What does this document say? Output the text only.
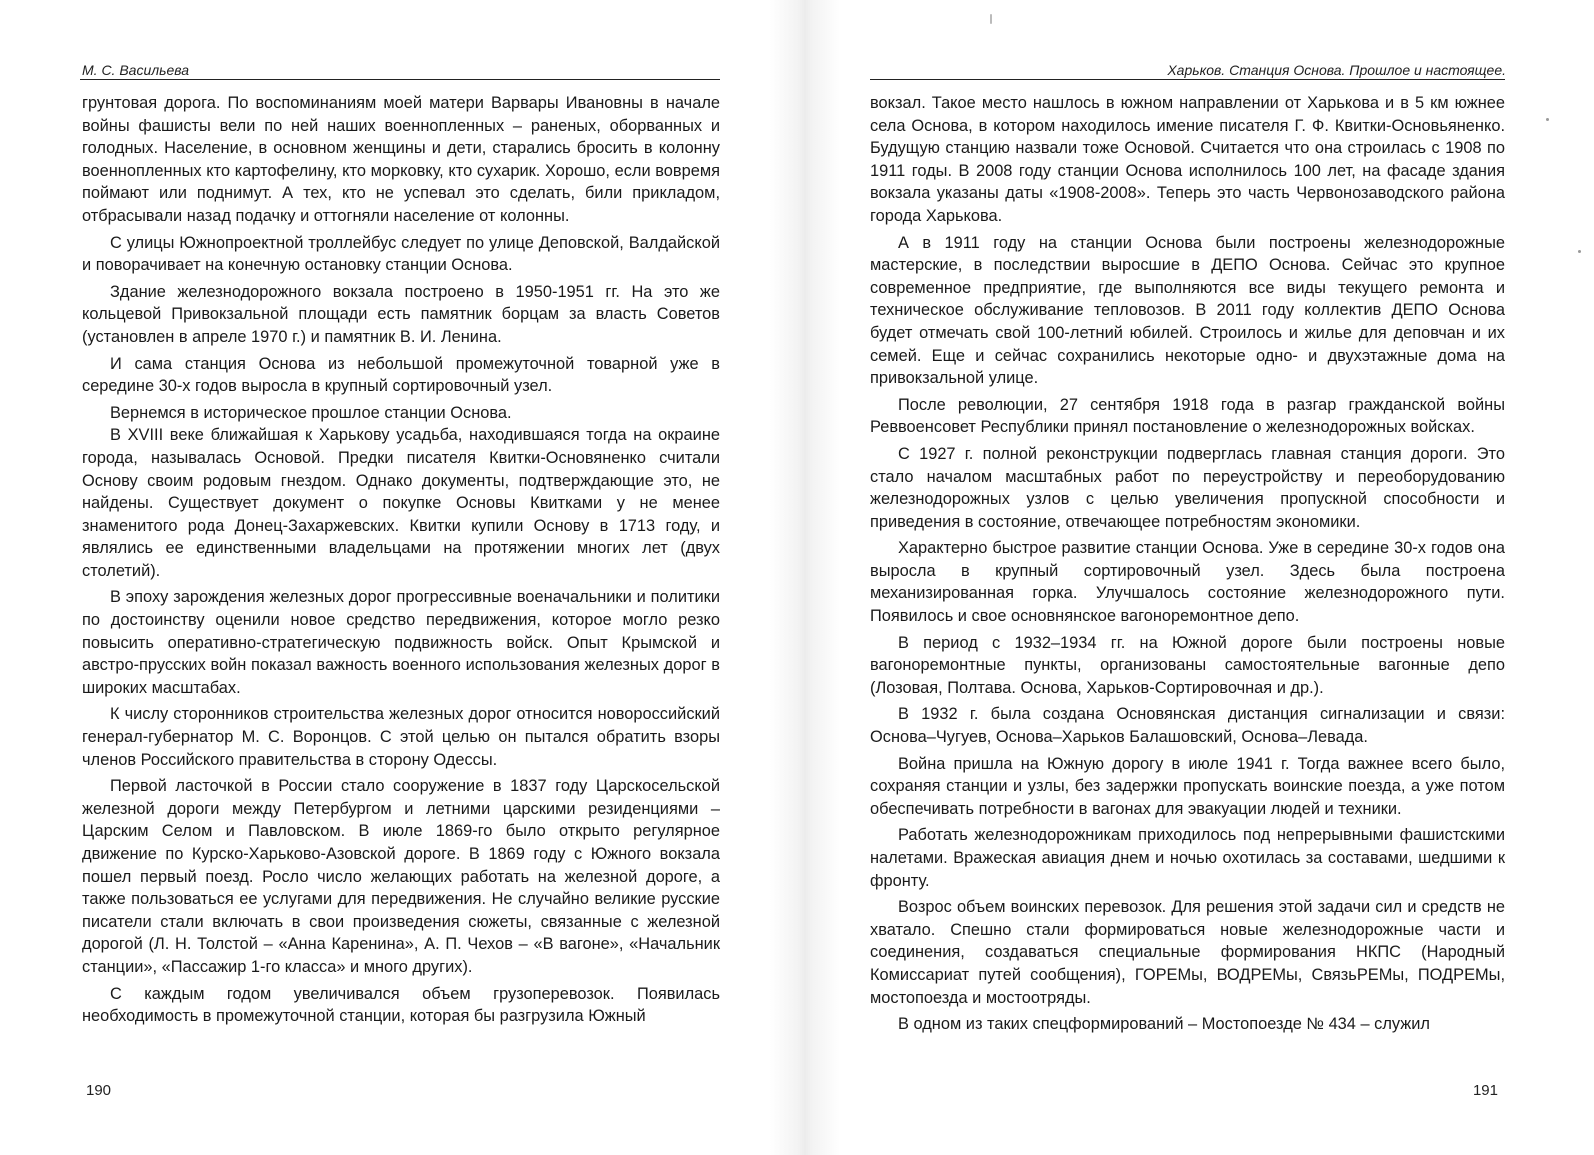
М. С. Васильева

грунтовая дорога. По воспоминаниям моей матери Варвары Ивановны в начале войны фашисты вели по ней наших военнопленных – раненых, оборванных и голодных. Население, в основном женщины и дети, старались бросить в колонну военнопленных кто картофелину, кто морковку, кто сухарик. Хорошо, если вовремя поймают или поднимут. А тех, кто не успевал это сделать, били прикладом, отбрасывали назад подачку и оттогняли население от колонны.

С улицы Южнопроектной троллейбус следует по улице Деповской, Валдайской и поворачивает на конечную остановку станции Основа.

Здание железнодорожного вокзала построено в 1950-1951 гг. На это же кольцевой Привокзальной площади есть памятник борцам за власть Советов (установлен в апреле 1970 г.) и памятник В. И. Ленина.

И сама станция Основа из небольшой промежуточной товарной уже в середине 30-х годов выросла в крупный сортировочный узел.

Вернемся в историческое прошлое станции Основа.

В XVIII веке ближайшая к Харькову усадьба, находившаяся тогда на окраине города, называлась Основой. Предки писателя Квитки-Основяненко считали Основу своим родовым гнездом. Однако документы, подтверждающие это, не найдены. Существует документ о покупке Основы Квитками у не менее знаменитого рода Донец-Захаржевских. Квитки купили Основу в 1713 году, и являлись ее единственными владельцами на протяжении многих лет (двух столетий).

В эпоху зарождения железных дорог прогрессивные военачальники и политики по достоинству оценили новое средство передвижения, которое могло резко повысить оперативно-стратегическую подвижность войск. Опыт Крымской и австро-прусских войн показал важность военного использования железных дорог в широких масштабах.

К числу сторонников строительства железных дорог относится новороссийский генерал-губернатор М. С. Воронцов. С этой целью он пытался обратить взоры членов Российского правительства в сторону Одессы.

Первой ласточкой в России стало сооружение в 1837 году Царскосельской железной дороги между Петербургом и летними царскими резиденциями – Царским Селом и Павловском. В июле 1869-го было открыто регулярное движение по Курско-Харьково-Азовской дороге. В 1869 году с Южного вокзала пошел первый поезд. Росло число желающих работать на железной дороге, а также пользоваться ее услугами для передвижения. Не случайно великие русские писатели стали включать в свои произведения сюжеты, связанные с железной дорогой (Л. Н. Толстой – «Анна Каренина», А. П. Чехов – «В вагоне», «Начальник станции», «Пассажир 1-го класса» и много других).

С каждым годом увеличивался объем грузоперевозок. Появилась необходимость в промежуточной станции, которая бы разгрузила Южный

190
Харьков. Станция Основа. Прошлое и настоящее.

вокзал. Такое место нашлось в южном направлении от Харькова и в 5 км южнее села Основа, в котором находилось имение писателя Г. Ф. Квитки-Основьяненко. Будущую станцию назвали тоже Основой. Считается что она строилась с 1908 по 1911 годы. В 2008 году станции Основа исполнилось 100 лет, на фасаде здания вокзала указаны даты «1908-2008». Теперь это часть Червонозаводского района города Харькова.

А в 1911 году на станции Основа были построены железнодорожные мастерские, в последствии выросшие в ДЕПО Основа. Сейчас это крупное современное предприятие, где выполняются все виды текущего ремонта и техническое обслуживание тепловозов. В 2011 году коллектив ДЕПО Основа будет отмечать свой 100-летний юбилей. Строилось и жилье для деповчан и их семей. Еще и сейчас сохранились некоторые одно- и двухэтажные дома на привокзальной улице.

После революции, 27 сентября 1918 года в разгар гражданской войны Реввоенсовет Республики принял постановление о железнодорожных войсках.

С 1927 г. полной реконструкции подверглась главная станция дороги. Это стало началом масштабных работ по переустройству и переоборудованию железнодорожных узлов с целью увеличения пропускной способности и приведения в состояние, отвечающее потребностям экономики.

Характерно быстрое развитие станции Основа. Уже в середине 30-х годов она выросла в крупный сортировочный узел. Здесь была построена механизированная горка. Улучшалось состояние железнодорожного пути. Появилось и свое основнянское вагоноремонтное депо.

В период с 1932–1934 гг. на Южной дороге были построены новые вагоноремонтные пункты, организованы самостоятельные вагонные депо (Лозовая, Полтава. Основа, Харьков-Сортировочная и др.).

В 1932 г. была создана Основянская дистанция сигнализации и связи: Основа–Чугуев, Основа–Харьков Балашовский, Основа–Левада.

Война пришла на Южную дорогу в июле 1941 г. Тогда важнее всего было, сохраняя станции и узлы, без задержки пропускать воинские поезда, а уже потом обеспечивать потребности в вагонах для эвакуации людей и техники.

Работать железнодорожникам приходилось под непрерывными фашистскими налетами. Вражеская авиация днем и ночью охотилась за составами, шедшими к фронту.

Возрос объем воинских перевозок. Для решения этой задачи сил и средств не хватало. Спешно стали формироваться новые железнодорожные части и соединения, создаваться специальные формирования НКПС (Народный Комиссариат путей сообщения), ГОРЕМы, ВОДРЕМы, СвязьРЕМы, ПОДРЕМы, мостопоезда и мостоотряды.

В одном из таких спецформирований – Мостопоезде № 434 – служил

191
